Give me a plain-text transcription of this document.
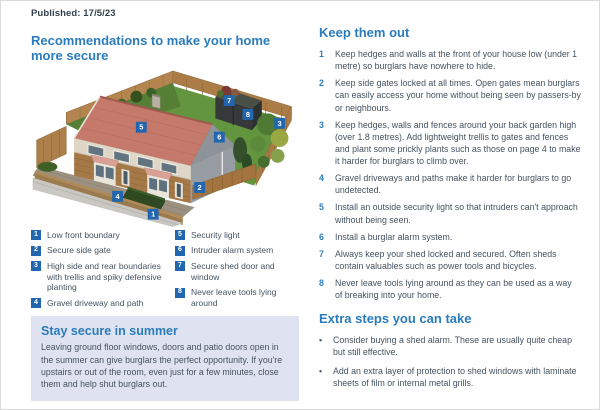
Published: 17/5/23
Recommendations to make your home more secure
5
7
8
3
6
2
4
1
1	Low front boundary
2	Secure side gate
3	High side and rear boundaries with trellis and spiky defensive planting
4	Gravel driveway and path
5	Security light
6	Intruder alarm system
7	Secure shed door and window
8	Never leave tools lying around
Stay secure in summer

Leaving ground floor windows, doors and patio doors open in the summer can give burglars the perfect opportunity. If you're upstairs or out of the room, even just for a few minutes, close them and help shut burglars out.

Keep them out
1	Keep hedges and walls at the front of your house low (under 1 metre) so burglars have nowhere to hide.
2	Keep side gates locked at all times. Open gates mean burglars can easily access your home without being seen by passers-by or neighbours.
3	Keep hedges, walls and fences around your back garden high (over 1.8 metres). Add lightweight trellis to gates and fences and plant some prickly plants such as those on page 4 to make it harder for burglars to climb over.
4	Gravel driveways and paths make it harder for burglars to go undetected.
5	Install an outside security light so that intruders can't approach without being seen.
6	Install a burglar alarm system.
7	Always keep your shed locked and secured. Often sheds contain valuables such as power tools and bicycles.
8	Never leave tools lying around as they can be used as a way of breaking into your home.
Extra steps you can take
•	Consider buying a shed alarm. These are usually quite cheap but still effective.
•	Add an extra layer of protection to shed windows with laminate sheets of film or internal metal grills.
